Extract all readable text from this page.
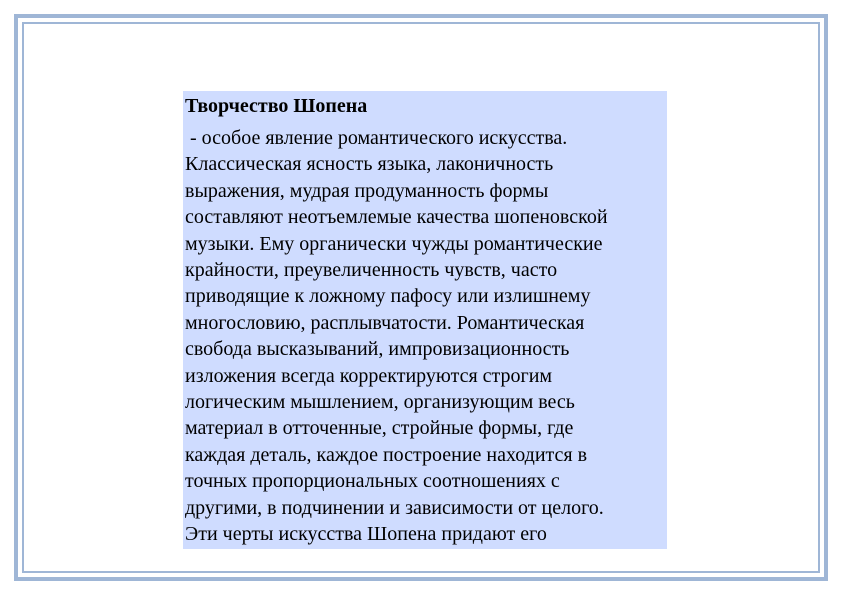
Творчество Шопена
- особое явление романтического искусства.
Классическая ясность языка, лаконичность
выражения, мудрая продуманность формы
составляют неотъемлемые качества шопеновской
музыки. Ему органически чужды романтические
крайности, преувеличенность чувств, часто
приводящие к ложному пафосу или излишнему
многословию, расплывчатости. Романтическая
свобода высказываний, импровизационность
изложения всегда корректируются строгим
логическим мышлением, организующим весь
материал в отточенные, стройные формы, где
каждая деталь, каждое построение находится в
точных пропорциональных соотношениях с
другими, в подчинении и зависимости от целого.
Эти черты искусства Шопена придают его
